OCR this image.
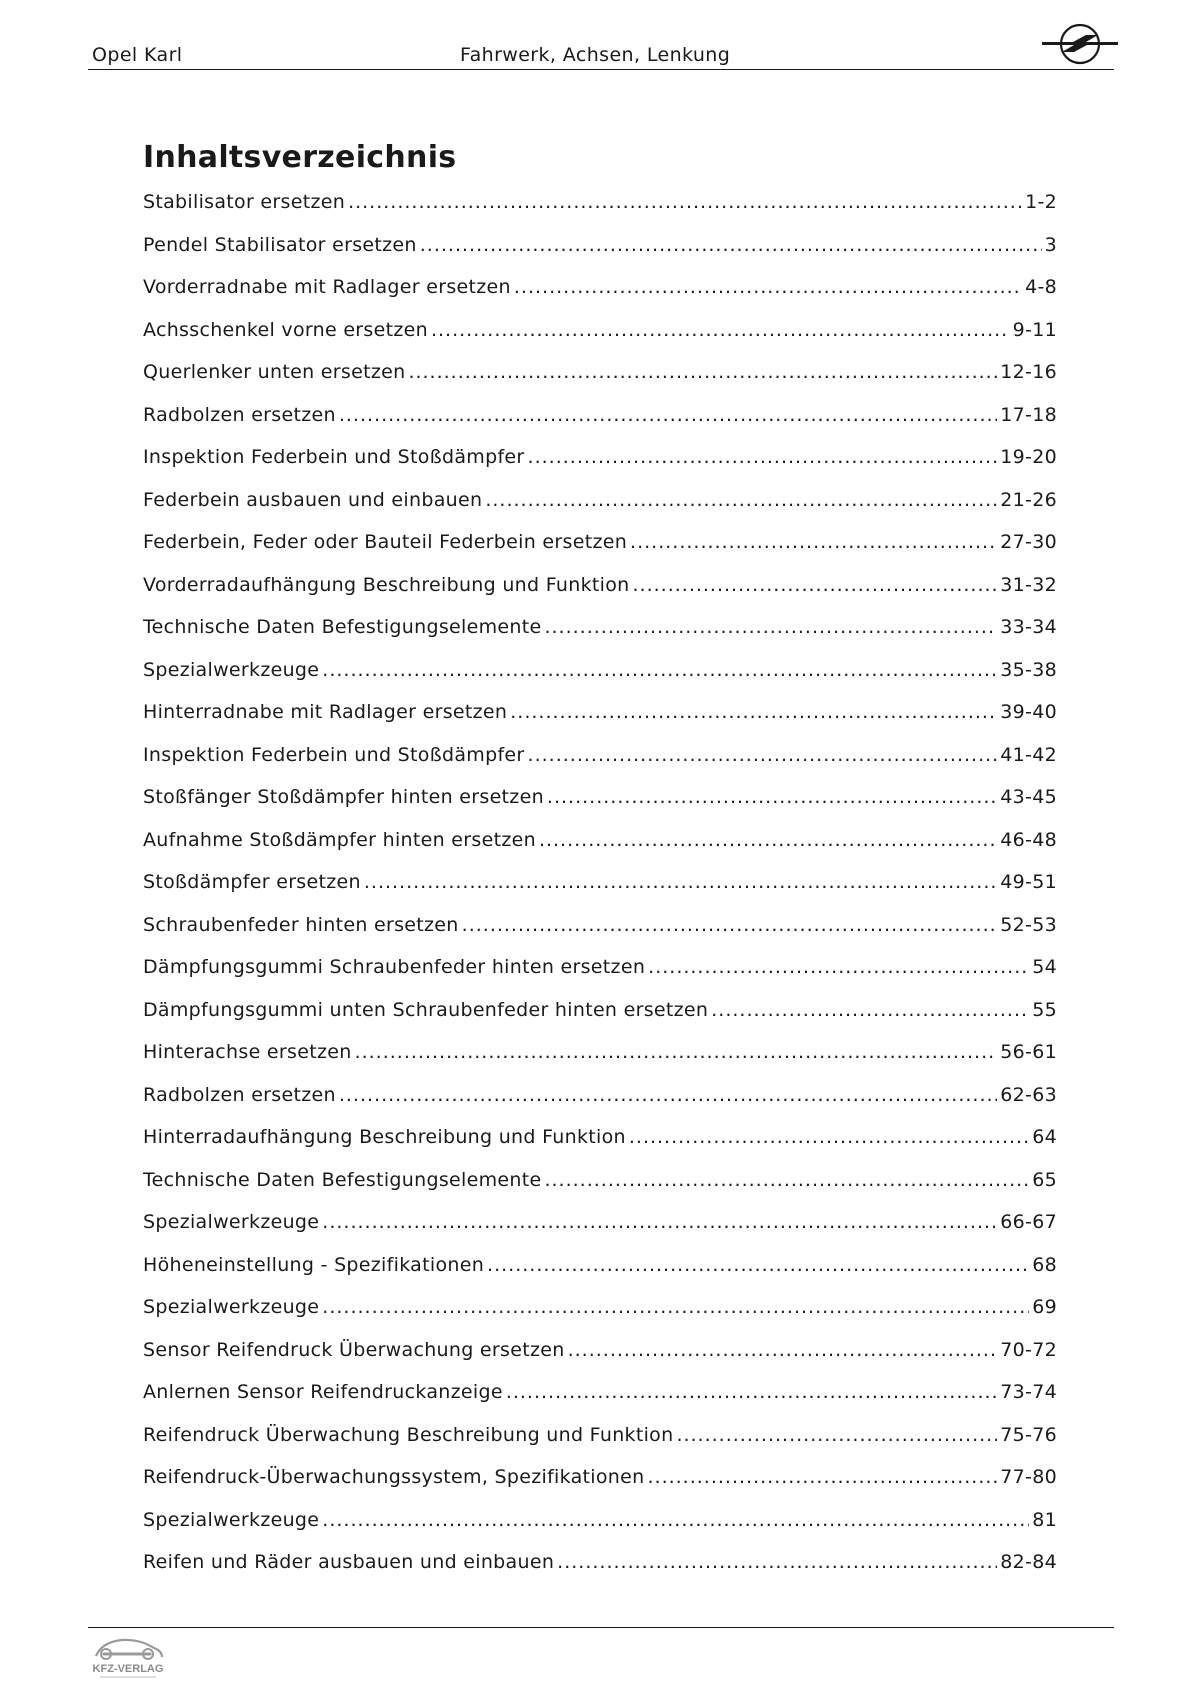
Opel Karl	Fahrwerk, Achsen, Lenkung
Inhaltsverzeichnis
Stabilisator ersetzen .....	1-2
Pendel Stabilisator ersetzen .....	3
Vorderradnabe mit Radlager ersetzen .....	4-8
Achsschenkel vorne ersetzen .....	9-11
Querlenker unten ersetzen .....	12-16
Radbolzen ersetzen .....	17-18
Inspektion Federbein und Stoßdämpfer .....	19-20
Federbein ausbauen und einbauen .....	21-26
Federbein, Feder oder Bauteil Federbein ersetzen .....	27-30
Vorderradaufhängung Beschreibung und Funktion .....	31-32
Technische Daten Befestigungselemente .....	33-34
Spezialwerkzeuge .....	35-38
Hinterradnabe mit Radlager ersetzen .....	39-40
Inspektion Federbein und Stoßdämpfer .....	41-42
Stoßfänger Stoßdämpfer hinten ersetzen .....	43-45
Aufnahme Stoßdämpfer hinten ersetzen .....	46-48
Stoßdämpfer ersetzen .....	49-51
Schraubenfeder hinten ersetzen .....	52-53
Dämpfungsgummi Schraubenfeder hinten ersetzen .....	54
Dämpfungsgummi unten Schraubenfeder hinten ersetzen .....	55
Hinterachse ersetzen .....	56-61
Radbolzen ersetzen .....	62-63
Hinterradaufhängung Beschreibung und Funktion .....	64
Technische Daten Befestigungselemente .....	65
Spezialwerkzeuge .....	66-67
Höheneinstellung - Spezifikationen .....	68
Spezialwerkzeuge .....	69
Sensor Reifendruck Überwachung ersetzen .....	70-72
Anlernen Sensor Reifendruckanzeige .....	73-74
Reifendruck Überwachung Beschreibung und Funktion .....	75-76
Reifendruck-Überwachungssystem, Spezifikationen .....	77-80
Spezialwerkzeuge .....	81
Reifen und Räder ausbauen und einbauen .....	82-84
KFZ-VERLAG
